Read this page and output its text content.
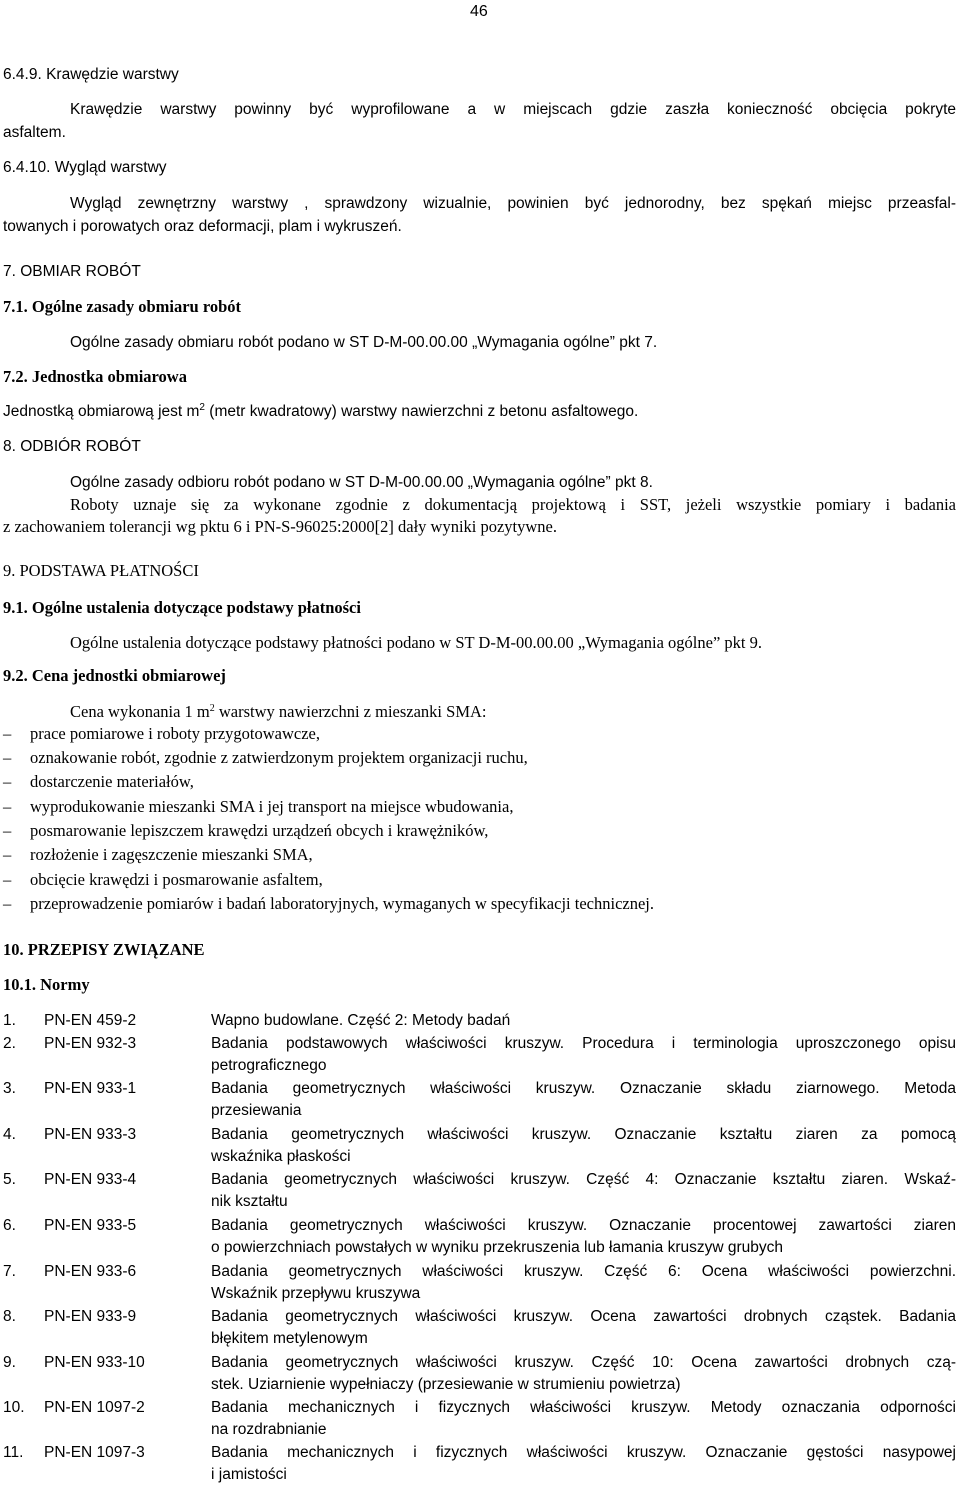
46
6.4.9. Krawędzie warstwy
Krawędzie warstwy powinny być wyprofilowane a w miejscach gdzie zaszła konieczność obcięcia pokryte
asfaltem.
6.4.10. Wygląd warstwy
Wygląd zewnętrzny warstwy , sprawdzony wizualnie, powinien być jednorodny, bez spękań miejsc przeasfal-
towanych i porowatych oraz deformacji, plam i wykruszeń.
7. OBMIAR ROBÓT
7.1. Ogólne zasady obmiaru robót
Ogólne zasady obmiaru robót podano w ST D-M-00.00.00 „Wymagania ogólne” pkt 7.
7.2. Jednostka obmiarowa
Jednostką obmiarową jest $m^2$ (metr kwadratowy) warstwy nawierzchni z betonu asfaltowego.
8. ODBIÓR ROBÓT
Ogólne zasady odbioru robót podano w ST D-M-00.00.00 „Wymagania ogólne” pkt 8.
Roboty uznaje się za wykonane zgodnie z dokumentacją projektową i SST, jeżeli wszystkie pomiary i badania
z zachowaniem tolerancji wg pktu 6 i PN-S-96025:2000[2] dały wyniki pozytywne.
9. PODSTAWA PŁATNOŚCI
9.1. Ogólne ustalenia dotyczące podstawy płatności
Ogólne ustalenia dotyczące podstawy płatności podano w ST D-M-00.00.00 „Wymagania ogólne” pkt 9.
9.2. Cena jednostki obmiarowej
Cena wykonania 1 $m^2$ warstwy nawierzchni z mieszanki SMA:
– prace pomiarowe i roboty przygotowawcze,
– oznakowanie robót, zgodnie z zatwierdzonym projektem organizacji ruchu,
– dostarczenie materiałów,
– wyprodukowanie mieszanki SMA i jej transport na miejsce wbudowania,
– posmarowanie lepiszczem krawędzi urządzeń obcych i krawężników,
– rozłożenie i zagęszczenie mieszanki SMA,
– obcięcie krawędzi i posmarowanie asfaltem,
– przeprowadzenie pomiarów i badań laboratoryjnych, wymaganych w specyfikacji technicznej.
10. PRZEPISY ZWIĄZANE
10.1. Normy
1. PN-EN 459-2	Wapno budowlane. Część 2: Metody badań
2. PN-EN 932-3	Badania podstawowych właściwości kruszyw. Procedura i terminologia uproszczonego opisu
petrograficznego
3. PN-EN 933-1	Badania geometrycznych właściwości kruszyw. Oznaczanie składu ziarnowego. Metoda
przesiewania
4. PN-EN 933-3	Badania geometrycznych właściwości kruszyw. Oznaczanie kształtu ziaren za pomocą
wskaźnika płaskości
5. PN-EN 933-4	Badania geometrycznych właściwości kruszyw. Część 4: Oznaczanie kształtu ziaren. Wskaź-
nik kształtu
6. PN-EN 933-5	Badania geometrycznych właściwości kruszyw. Oznaczanie procentowej zawartości ziaren
o powierzchniach powstałych w wyniku przekruszenia lub łamania kruszyw grubych
7. PN-EN 933-6	Badania geometrycznych właściwości kruszyw. Część 6: Ocena właściwości powierzchni.
Wskaźnik przepływu kruszywa
8. PN-EN 933-9	Badania geometrycznych właściwości kruszyw. Ocena zawartości drobnych cząstek. Badania
błękitem metylenowym
9. PN-EN 933-10	Badania geometrycznych właściwości kruszyw. Część 10: Ocena zawartości drobnych czą-
stek. Uziarnienie wypełniaczy (przesiewanie w strumieniu powietrza)
10. PN-EN 1097-2	Badania mechanicznych i fizycznych właściwości kruszyw. Metody oznaczania odporności
na rozdrabnianie
11. PN-EN 1097-3	Badania mechanicznych i fizycznych właściwości kruszyw. Oznaczanie gęstości nasypowej
i jamistości
